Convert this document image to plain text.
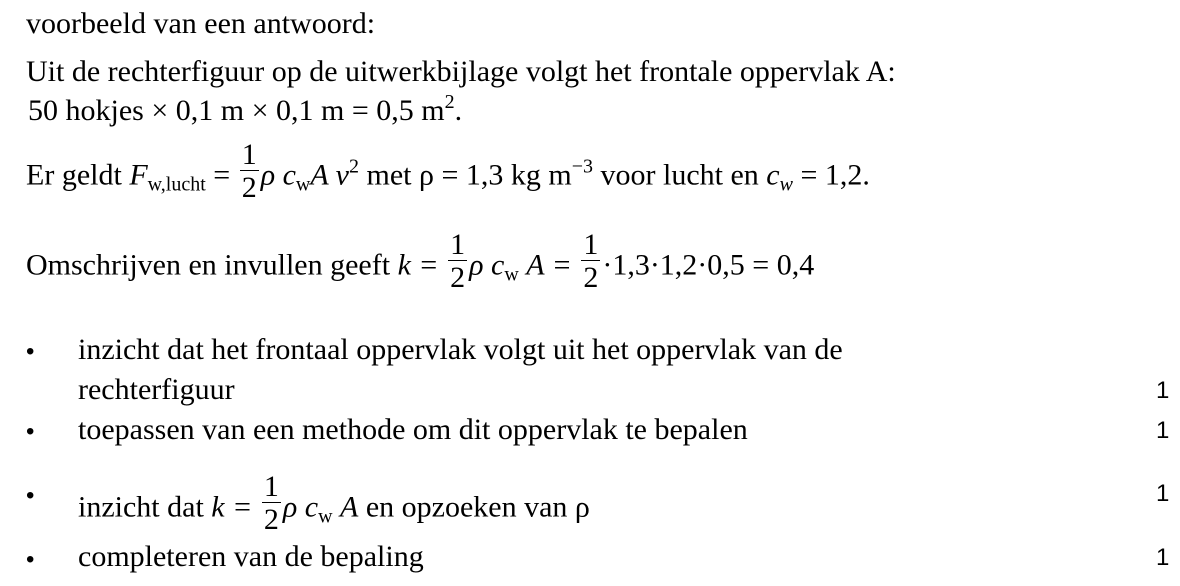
voorbeeld van een antwoord:
Uit de rechterfiguur op de uitwerkbijlage volgt het frontale oppervlak A:
50 hokjes × 0,1 m × 0,1 m = 0,5 $m^2$.
Er geldt $F_{w,lucht} = \frac{1}{2}$ ρ $c_wA$ $v^2$ met ρ = 1,3 kg $m^{-3}$ voor lucht en $c_w = 1,2$.
Omschrijven en invullen geeft $k = \frac{1}{2}$ ρ $c_w$ $A = \frac{1}{2} \cdot 1,3\cdot 1,2\cdot 0,5 = 0,4$
• inzicht dat het frontaal oppervlak volgt uit het oppervlak van de
rechterfiguur	1
• toepassen van een methode om dit oppervlak te bepalen	1
• inzicht dat $k = \frac{1}{2}$ ρ $c_w$ A en opzoeken van ρ	1
• completeren van de bepaling	1
